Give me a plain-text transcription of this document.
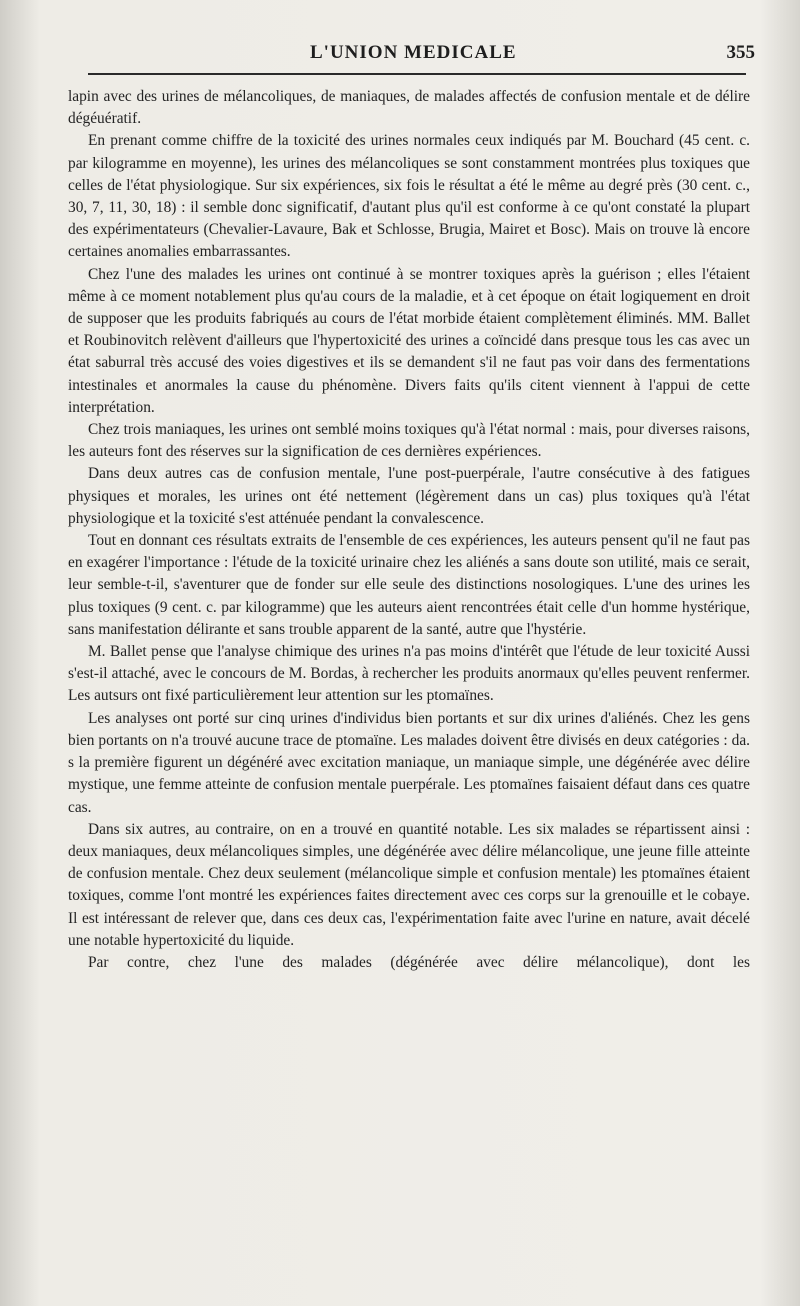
L'UNION MEDICALE	355

lapin avec des urines de mélancoliques, de maniaques, de malades affectés de confusion mentale et de délire dégéuératif.

En prenant comme chiffre de la toxicité des urines normales ceux indiqués par M. Bouchard (45 cent. c. par kilogramme en moyenne), les urines des mélancoliques se sont constamment montrées plus toxiques que celles de l'état physiologique. Sur six expériences, six fois le résultat a été le même au degré près (30 cent. c., 30, 7, 11, 30, 18) : il semble donc significatif, d'autant plus qu'il est conforme à ce qu'ont constaté la plupart des expérimentateurs (Chevalier-Lavaure, Bak et Schlosse, Brugia, Mairet et Bosc). Mais on trouve là encore certaines anomalies embarrassantes.

Chez l'une des malades les urines ont continué à se montrer toxiques après la guérison ; elles l'étaient même à ce moment notablement plus qu'au cours de la maladie, et à cet époque on était logiquement en droit de supposer que les produits fabriqués au cours de l'état morbide étaient complètement éliminés. MM. Ballet et Roubinovitch relèvent d'ailleurs que l'hypertoxicité des urines a coïncidé dans presque tous les cas avec un état saburral très accusé des voies digestives et ils se demandent s'il ne faut pas voir dans des fermentations intestinales et anormales la cause du phénomène. Divers faits qu'ils citent viennent à l'appui de cette interprétation.

Chez trois maniaques, les urines ont semblé moins toxiques qu'à l'état normal : mais, pour diverses raisons, les auteurs font des réserves sur la signification de ces dernières expériences.

Dans deux autres cas de confusion mentale, l'une post-puerpérale, l'autre consécutive à des fatigues physiques et morales, les urines ont été nettement (légèrement dans un cas) plus toxiques qu'à l'état physiologique et la toxicité s'est atténuée pendant la convalescence.

Tout en donnant ces résultats extraits de l'ensemble de ces expériences, les auteurs pensent qu'il ne faut pas en exagérer l'importance : l'étude de la toxicité urinaire chez les aliénés a sans doute son utilité, mais ce serait, leur semble-t-il, s'aventurer que de fonder sur elle seule des distinctions nosologiques. L'une des urines les plus toxiques (9 cent. c. par kilogramme) que les auteurs aient rencontrées était celle d'un homme hystérique, sans manifestation délirante et sans trouble apparent de la santé, autre que l'hystérie.

M. Ballet pense que l'analyse chimique des urines n'a pas moins d'intérêt que l'étude de leur toxicité Aussi s'est-il attaché, avec le concours de M. Bordas, à rechercher les produits anormaux qu'elles peuvent renfermer. Les autsurs ont fixé particulièrement leur attention sur les ptomaïnes.

Les analyses ont porté sur cinq urines d'individus bien portants et sur dix urines d'aliénés. Chez les gens bien portants on n'a trouvé aucune trace de ptomaïne. Les malades doivent être divisés en deux catégories : da. s la première figurent un dégénéré avec excitation maniaque, un maniaque simple, une dégénérée avec délire mystique, une femme atteinte de confusion mentale puerpérale. Les ptomaïnes faisaient défaut dans ces quatre cas.

Dans six autres, au contraire, on en a trouvé en quantité notable. Les six malades se répartissent ainsi : deux maniaques, deux mélancoliques simples, une dégénérée avec délire mélancolique, une jeune fille atteinte de confusion mentale. Chez deux seulement (mélancolique simple et confusion mentale) les ptomaïnes étaient toxiques, comme l'ont montré les expériences faites directement avec ces corps sur la grenouille et le cobaye. Il est intéressant de relever que, dans ces deux cas, l'expérimentation faite avec l'urine en nature, avait décelé une notable hypertoxicité du liquide.

Par contre, chez l'une des malades (dégénérée avec délire mélancolique), dont les
